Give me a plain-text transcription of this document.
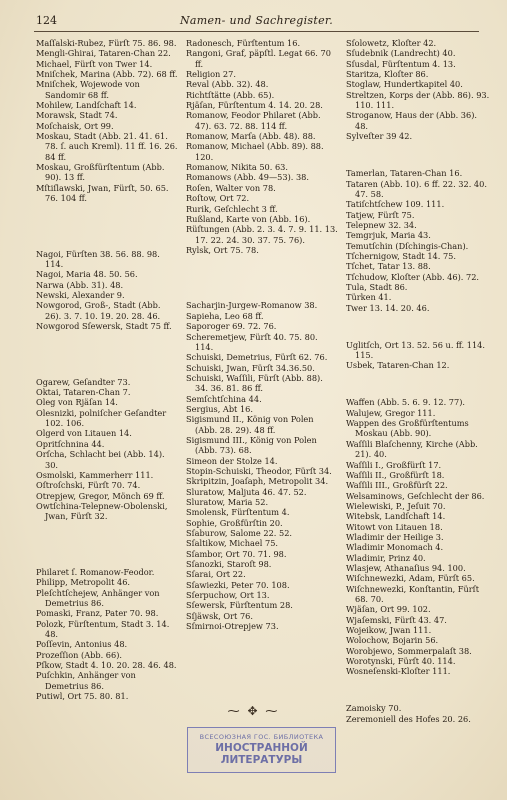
124	Namen- und Sachregister.

Maſſalski-Rubez, Fürſt 75. 86. 98.

Mengli-Ghirai, Tataren-Chan 22.

Michael, Fürſt von Twer 14.

Mniſchek, Marina (Abb. 72). 68 ff.

Mniſchek, Wojewode von Sandomir 68 ff.

Mohilew, Landſchaft 14.

Morawsk, Stadt 74.

Moſchaisk, Ort 99.

Moskau, Stadt (Abb. 21. 41. 61. 78. ſ. auch Kreml). 11 ff. 16. 26. 84 ff.

Moskau, Großfürſtentum (Abb. 90). 13 ff.

Mſtiſlawski, Jwan, Fürſt, 50. 65. 76. 104 ff.

Nagoi, Fürſten 38. 56. 88. 98. 114.

Nagoi, Maria 48. 50. 56.

Narwa (Abb. 31). 48.

Newski, Alexander 9.

Nowgorod, Groß-, Stadt (Abb. 26). 3. 7. 10. 19. 20. 28. 46.

Nowgorod Sſewersk, Stadt 75 ff.

Ogarew, Geſandter 73.

Oktai, Tataren-Chan 7.

Oleg von Rjäſan 14.

Olesnizki, polniſcher Geſandter 102. 106.

Olgerd von Litauen 14.

Opritſchnina 44.

Orſcha, Schlacht bei (Abb. 14). 30.

Osmolski, Kammerherr 111.

Oſtroſchski, Fürſt 70. 74.

Otrepjew, Gregor, Mönch 69 ff.

Owtſchina-Telepnew-Obolenski, Jwan, Fürſt 32.

Philaret ſ. Romanow-Feodor.

Philipp, Metropolit 46.

Pleſchtſchejew, Anhänger von Demetrius 86.

Pomaski, Franz, Pater 70. 98.

Polozk, Fürſtentum, Stadt 3. 14. 48.

Poſſevin, Antonius 48.

Prozeſſion (Abb. 66).

Pſkow, Stadt 4. 10. 20. 28. 46. 48.

Puſchkin, Anhänger von Demetrius 86.

Putiwl, Ort 75. 80. 81.

Radonesch, Fürſtentum 16.

Rangoni, Graf, päpſtl. Legat 66. 70 ff.

Religion 27.

Reval (Abb. 32). 48.

Richtſtätte (Abb. 65).

Rjäſan, Fürſtentum 4. 14. 20. 28.

Romanow, Feodor Philaret (Abb. 47). 63. 72. 88. 114 ff.

Romanow, Marſa (Abb. 48). 88.

Romanow, Michael (Abb. 89). 88. 120.

Romanow, Nikita 50. 63.

Romanows (Abb. 49—53). 38.

Roſen, Walter von 78.

Roſtow, Ort 72.

Rurik, Geſchlecht 3 ff.

Rußland, Karte von (Abb. 16).

Rüſtungen (Abb. 2. 3. 4. 7. 9. 11. 13. 17. 22. 24. 30. 37. 75. 76).

Rylsk, Ort 75. 78.

Sacharjin-Jurgew-Romanow 38.

Sapieha, Leo 68 ff.

Saporoger 69. 72. 76.

Scheremetjew, Fürſt 40. 75. 80. 114.

Schuiski, Demetrius, Fürſt 62. 76.

Schuiski, Jwan, Fürſt 34.36.50.

Schuiski, Waſſili, Fürſt (Abb. 88). 34. 36. 81. 86 ff.

Semſchtſchina 44.

Sergius, Abt 16.

Sigismund II., König von Polen (Abb. 28. 29). 48 ff.

Sigismund III., König von Polen (Abb. 73). 68.

Simeon der Stolze 14.

Stopin-Schuiski, Theodor, Fürſt 34.

Skripitzin, Joaſaph, Metropolit 34.

Sluratow, Maljuta 46. 47. 52.

Sluratow, Maria 52.

Smolensk, Fürſtentum 4.

Sophie, Großfürſtin 20.

Sſaburow, Salome 22. 52.

Sſaltikow, Michael 75.

Sſambor, Ort 70. 71. 98.

Sſanozki, Staroſt 98.

Sſarai, Ort 22.

Sſawiezki, Peter 70. 108.

Sſerpuchow, Ort 13.

Sſewersk, Fürſtentum 28.

Sſjäwsk, Ort 76.

Sſmirnoi-Otrepjew 73.

Sſolowetz, Kloſter 42.

Sſudebnik (Landrecht) 40.

Sſusdal, Fürſtentum 4. 13.

Staritza, Kloſter 86.

Stoglaw, Hundertkapitel 40.

Streltzen, Korps der (Abb. 86). 93. 110. 111.

Stroganow, Haus der (Abb. 36). 48.

Sylveſter 39 42.

Tamerlan, Tataren-Chan 16.

Tataren (Abb. 10). 6 ff. 22. 32. 40. 47. 58.

Tatiſchtſchew 109. 111.

Tatjew, Fürſt 75.

Telepnew 32. 34.

Temgrjuk, Maria 43.

Temutſchin (Dſchingis-Chan).

Tſchernigow, Stadt 14. 75.

Tſchet, Tatar 13. 88.

Tſchudow, Kloſter (Abb. 46). 72.

Tula, Stadt 86.

Türken 41.

Twer 13. 14. 20. 46.

Uglitſch, Ort 13. 52. 56 u. ff. 114. 115.

Usbek, Tataren-Chan 12.

Waffen (Abb. 5. 6. 9. 12. 77).

Walujew, Gregor 111.

Wappen des Großfürſtentums Moskau (Abb. 90).

Waſſili Blaſchenny, Kirche (Abb. 21). 40.

Waſſili I., Großfürſt 17.

Waſſili II., Großfürſt 18.

Waſſili III., Großfürſt 22.

Welsaminows, Geſchlecht der 86.

Wielewiski, P., Jeſuit 70.

Witebsk, Landſchaft 14.

Witowt von Litauen 18.

Wladimir der Heilige 3.

Wladimir Monomach 4.

Wladimir, Prinz 40.

Wlasjew, Athanaſius 94. 100.

Wiſchnewezki, Adam, Fürſt 65.

Wiſchnewezki, Konſtantin, Fürſt 68. 70.

Wjäſan, Ort 99. 102.

Wjaſemski, Fürſt 43. 47.

Wojeikow, Jwan 111.

Wolochow, Bojarin 56.

Worobjewo, Sommerpalaſt 38.

Worotynski, Fürſt 40. 114.

Wosneſenski-Kloſter 111.

Zamoisky 70.

Zeremoniell des Hofes 20. 26.

⁓ ✥ ⁓
ВСЕСОЮЗНАЯ ГОС. БИБЛИОТЕКА
ИНОСТРАННОЙ
ЛИТЕРАТУРЫ
